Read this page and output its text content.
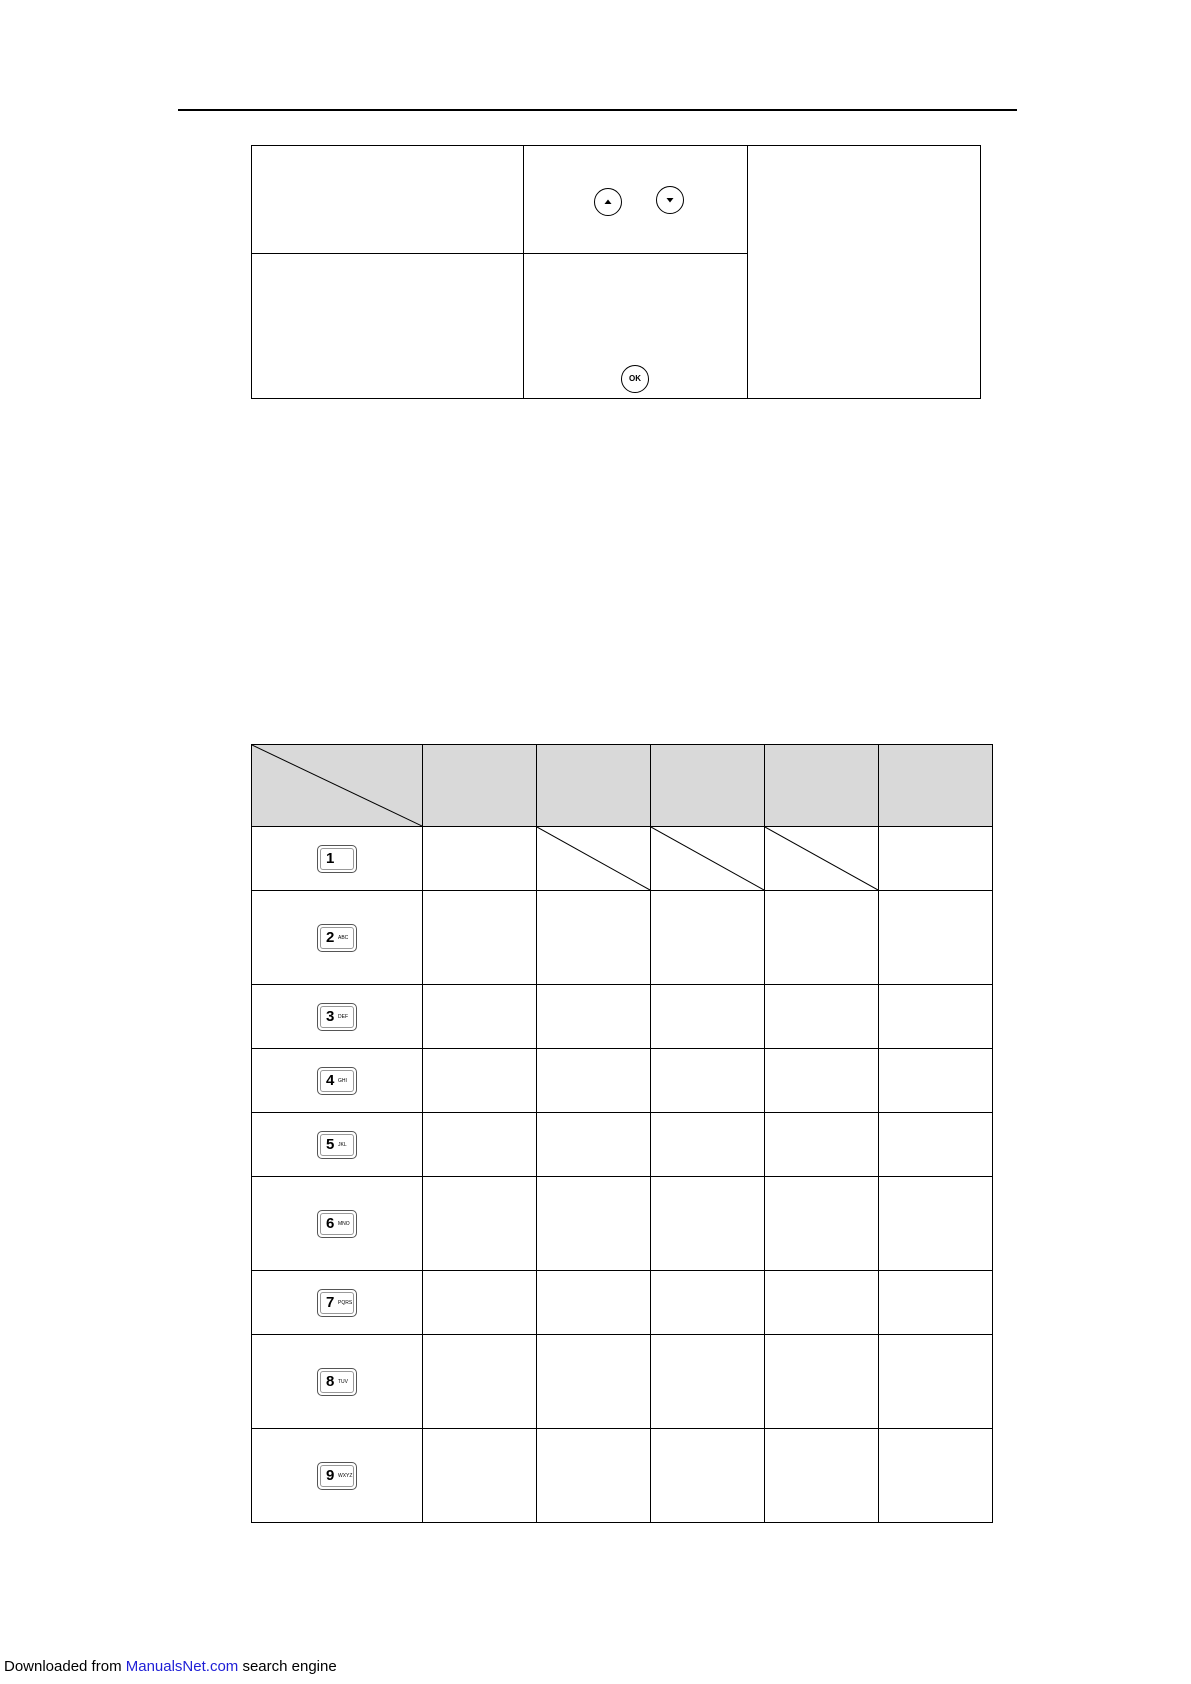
	OK	

1

2 ABC					

3 DEF					

4 GHI					

5 JKL					

6 MNO					

7 PQRS					

8 TUV					

9 WXYZ					

Downloaded from ManualsNet.com search engine
